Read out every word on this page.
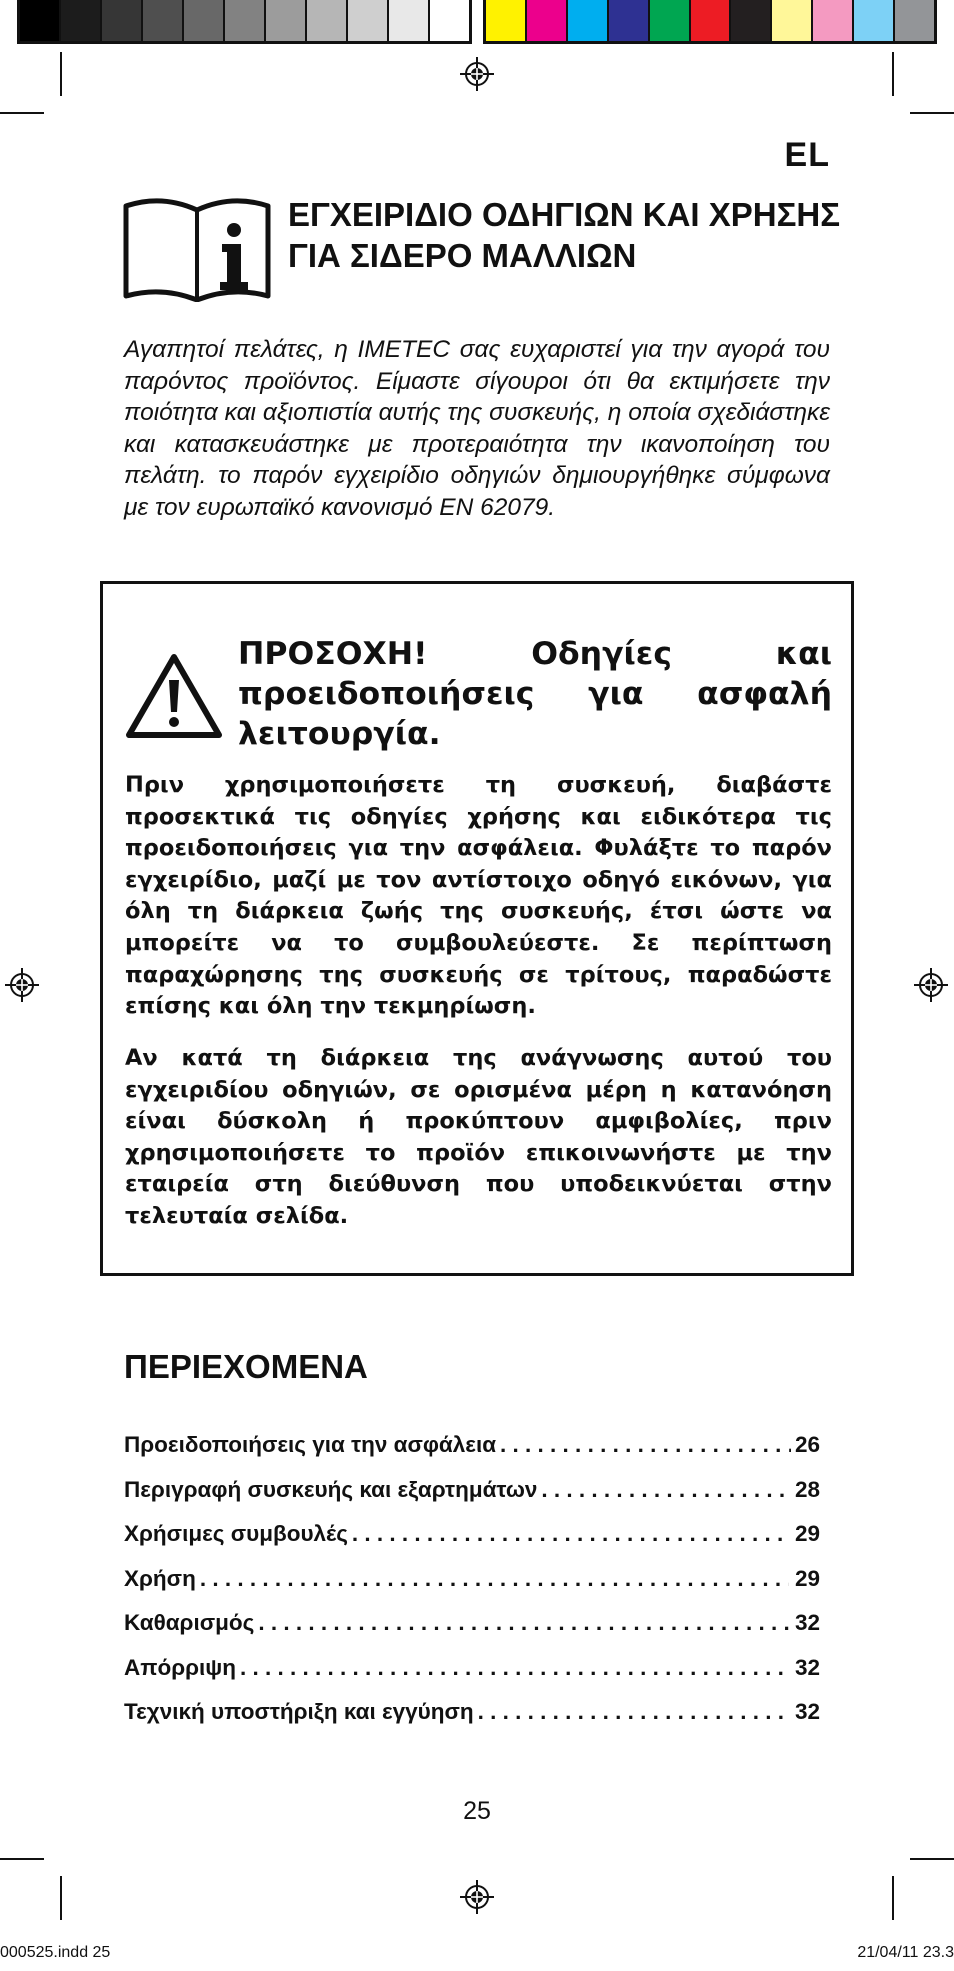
EL
ΕΓΧΕΙΡΙΔΙΟ ΟΔΗΓΙΩΝ ΚΑΙ ΧΡΗΣΗΣ ΓΙΑ ΣΙΔΕΡΟ ΜΑΛΛΙΩΝ
Αγαπητοί πελάτες, η IMETEC σας ευχαριστεί για την αγορά του παρόντος προϊόντος. Είμαστε σίγουροι ότι θα εκτιμήσετε την ποιότητα και αξιοπιστία αυτής της συσκευής, η οποία σχεδιάστηκε και κατασκευάστηκε με προτεραιότητα την ικανοποίηση του πελάτη. το παρόν εγχειρίδιο οδηγιών δημιουργήθηκε σύμφωνα με τον ευρωπαϊκό κανονισμό EN 62079.
ΠΡΟΣΟΧΗ! Οδηγίες και προειδοποιήσεις για ασφαλή λειτουργία.
Πριν χρησιμοποιήσετε τη συσκευή, διαβάστε προσεκτικά τις οδηγίες χρήσης και ειδικότερα τις προειδοποιήσεις για την ασφάλεια. Φυλάξτε το παρόν εγχειρίδιο, μαζί με τον αντίστοιχο οδηγό εικόνων, για όλη τη διάρκεια ζωής της συσκευής, έτσι ώστε να μπορείτε να το συμβουλεύεστε. Σε περίπτωση παραχώρησης της συσκευής σε τρίτους, παραδώστε επίσης και όλη την τεκμηρίωση.
Αν κατά τη διάρκεια της ανάγνωσης αυτού του εγχειριδίου οδηγιών, σε ορισμένα μέρη η κατανόηση είναι δύσκολη ή προκύπτουν αμφιβολίες, πριν χρησιμοποιήσετε το προϊόν επικοινωνήστε με την εταιρεία στη διεύθυνση που υποδεικνύεται στην τελευταία σελίδα.
ΠΕΡΙΕΧΟΜΕΝΑ
Προειδοποιήσεις για την ασφάλεια . . .	26
Περιγραφή συσκευής και εξαρτημάτων . . .	28
Χρήσιμες συμβουλές . . .	29
Χρήση . . .	29
Καθαρισμός . . .	32
Απόρριψη . . .	32
Τεχνική υποστήριξη και εγγύηση . . .	32
25
000525.indd 25	21/04/11 23.3
